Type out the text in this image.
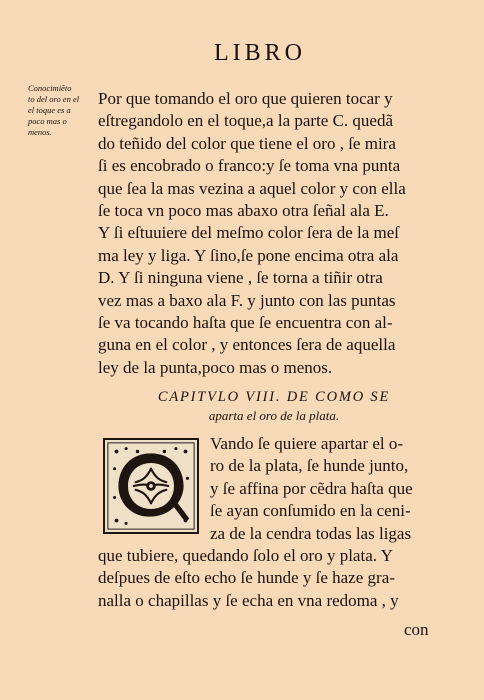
LIBRO
Conocimiẽto
to del oro en el
el toque es a
poco mas o
menos.
Por que tomando el oro que quieren tocar y
eſtregandolo en el toque,a la parte C. quedã
do teñido del color que tiene el oro , ſe mira
ſi es encobrado o franco:y ſe toma vna punta
que ſea la mas vezina a aquel color y con ella
ſe toca vn poco mas abaxo otra ſeñal ala E.
Y ſi eſtuuiere del meſmo color ſera de la meſ
ma ley y liga. Y ſino,ſe pone encima otra ala
D. Y ſi ninguna viene , ſe torna a tiñir otra
vez mas a baxo ala F. y junto con las puntas
ſe va tocando haſta que ſe encuentra con al-
guna en el color , y entonces ſera de aquella
ley de la punta,poco mas o menos.
CAPITVLO VIII. DE COMO SE
aparta el oro de la plata.
Vando ſe quiere apartar el o-
ro de la plata, ſe hunde junto,
y ſe affina por cẽdra haſta que
ſe ayan conſumido en la ceni-
za de la cendra todas las ligas
que tubiere, quedando ſolo el oro y plata. Y
deſpues de eſto echo ſe hunde y ſe haze gra-
nalla o chapillas y ſe echa en vna redoma , y
con
